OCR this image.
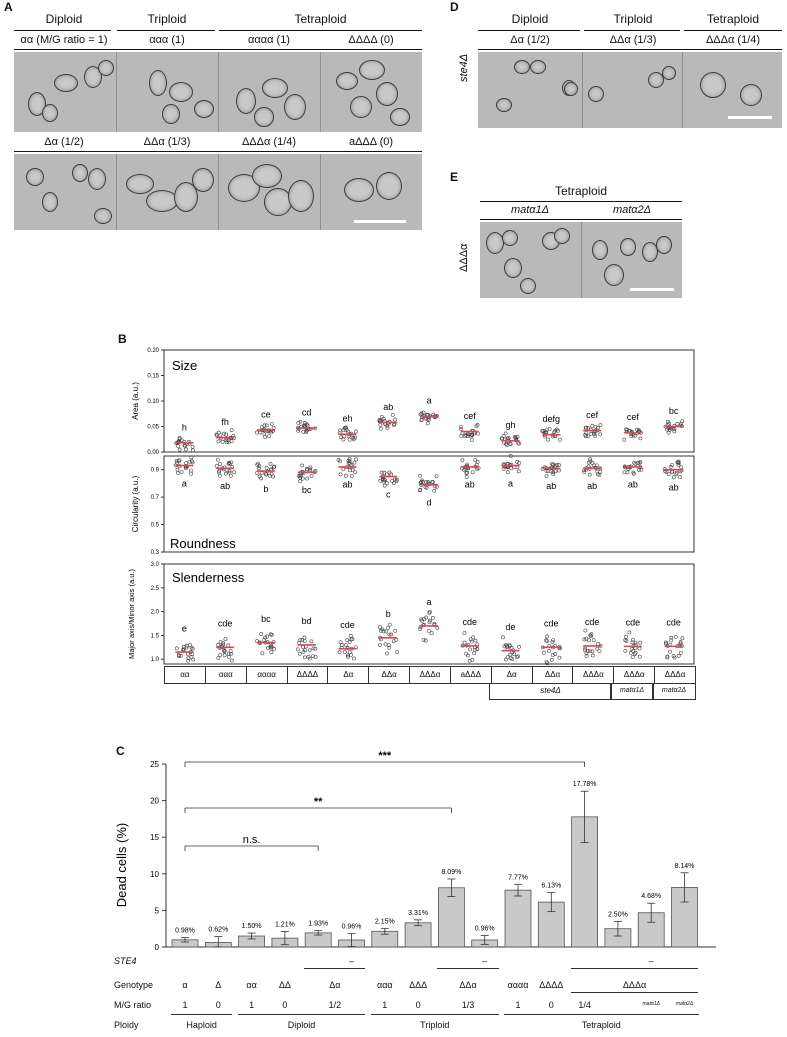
A
Diploid	Triploid	Tetraploid
αα (M/G ratio = 1)	ααα (1)	αααα (1)	ΔΔΔΔ (0)
Δα (1/2)	ΔΔα (1/3)	ΔΔΔα (1/4)	aΔΔΔ (0)
D
Diploid	Triploid	Tetraploid
Δα (1/2)	ΔΔα (1/3)	ΔΔΔα (1/4)
ste4Δ
E
Tetraploid
matα1Δ	matα2Δ
ΔΔΔα
B
Size
Roundness
Slenderness
Area (a.u.)
Circularity (a.u.)
Major axis/Minor axis (a.u.)
0.00
0.05
0.10
0.15
0.20
0.3
0.5
0.7
0.9
1.0
1.5
2.0
2.5
3.0
h
fh
ce	cd
eh
ab
a
cef
gh
defg	cef	cef
bc
a	ab	b	bc
ab
c
d
ab	a	ab	ab	ab	ab
e	cde	bc	bd	cde
b
a
cde	de	cde	cde	cde	cde
αα	ααα	αααα	ΔΔΔΔ	Δα	ΔΔα	ΔΔΔα	aΔΔΔ	Δα	ΔΔα	ΔΔΔα	ΔΔΔα	ΔΔΔα
ste4Δ	matα1Δ	matα2Δ
C
Dead cells (%)
0
5
10
15
20
25
0.98% 0.62%
1.50% 1.21% 1.93% 0.96%
2.15%
3.31%
8.09%
0.96%
7.77%
6.13%
17.78%
2.50%
4.68%
8.14%
***
**
n.s.
STE4
Genotype
M/G ratio
Ploidy
–	–	–
α	Δ	αα	ΔΔ	Δα	ααα	ΔΔΔ	ΔΔα	αααα	ΔΔΔΔ	ΔΔΔα
1	0	1	0	1/2	1	0	1/3	1	0	1/4	matα1Δ	matα2Δ
Haploid	Diploid	Triploid	Tetraploid
